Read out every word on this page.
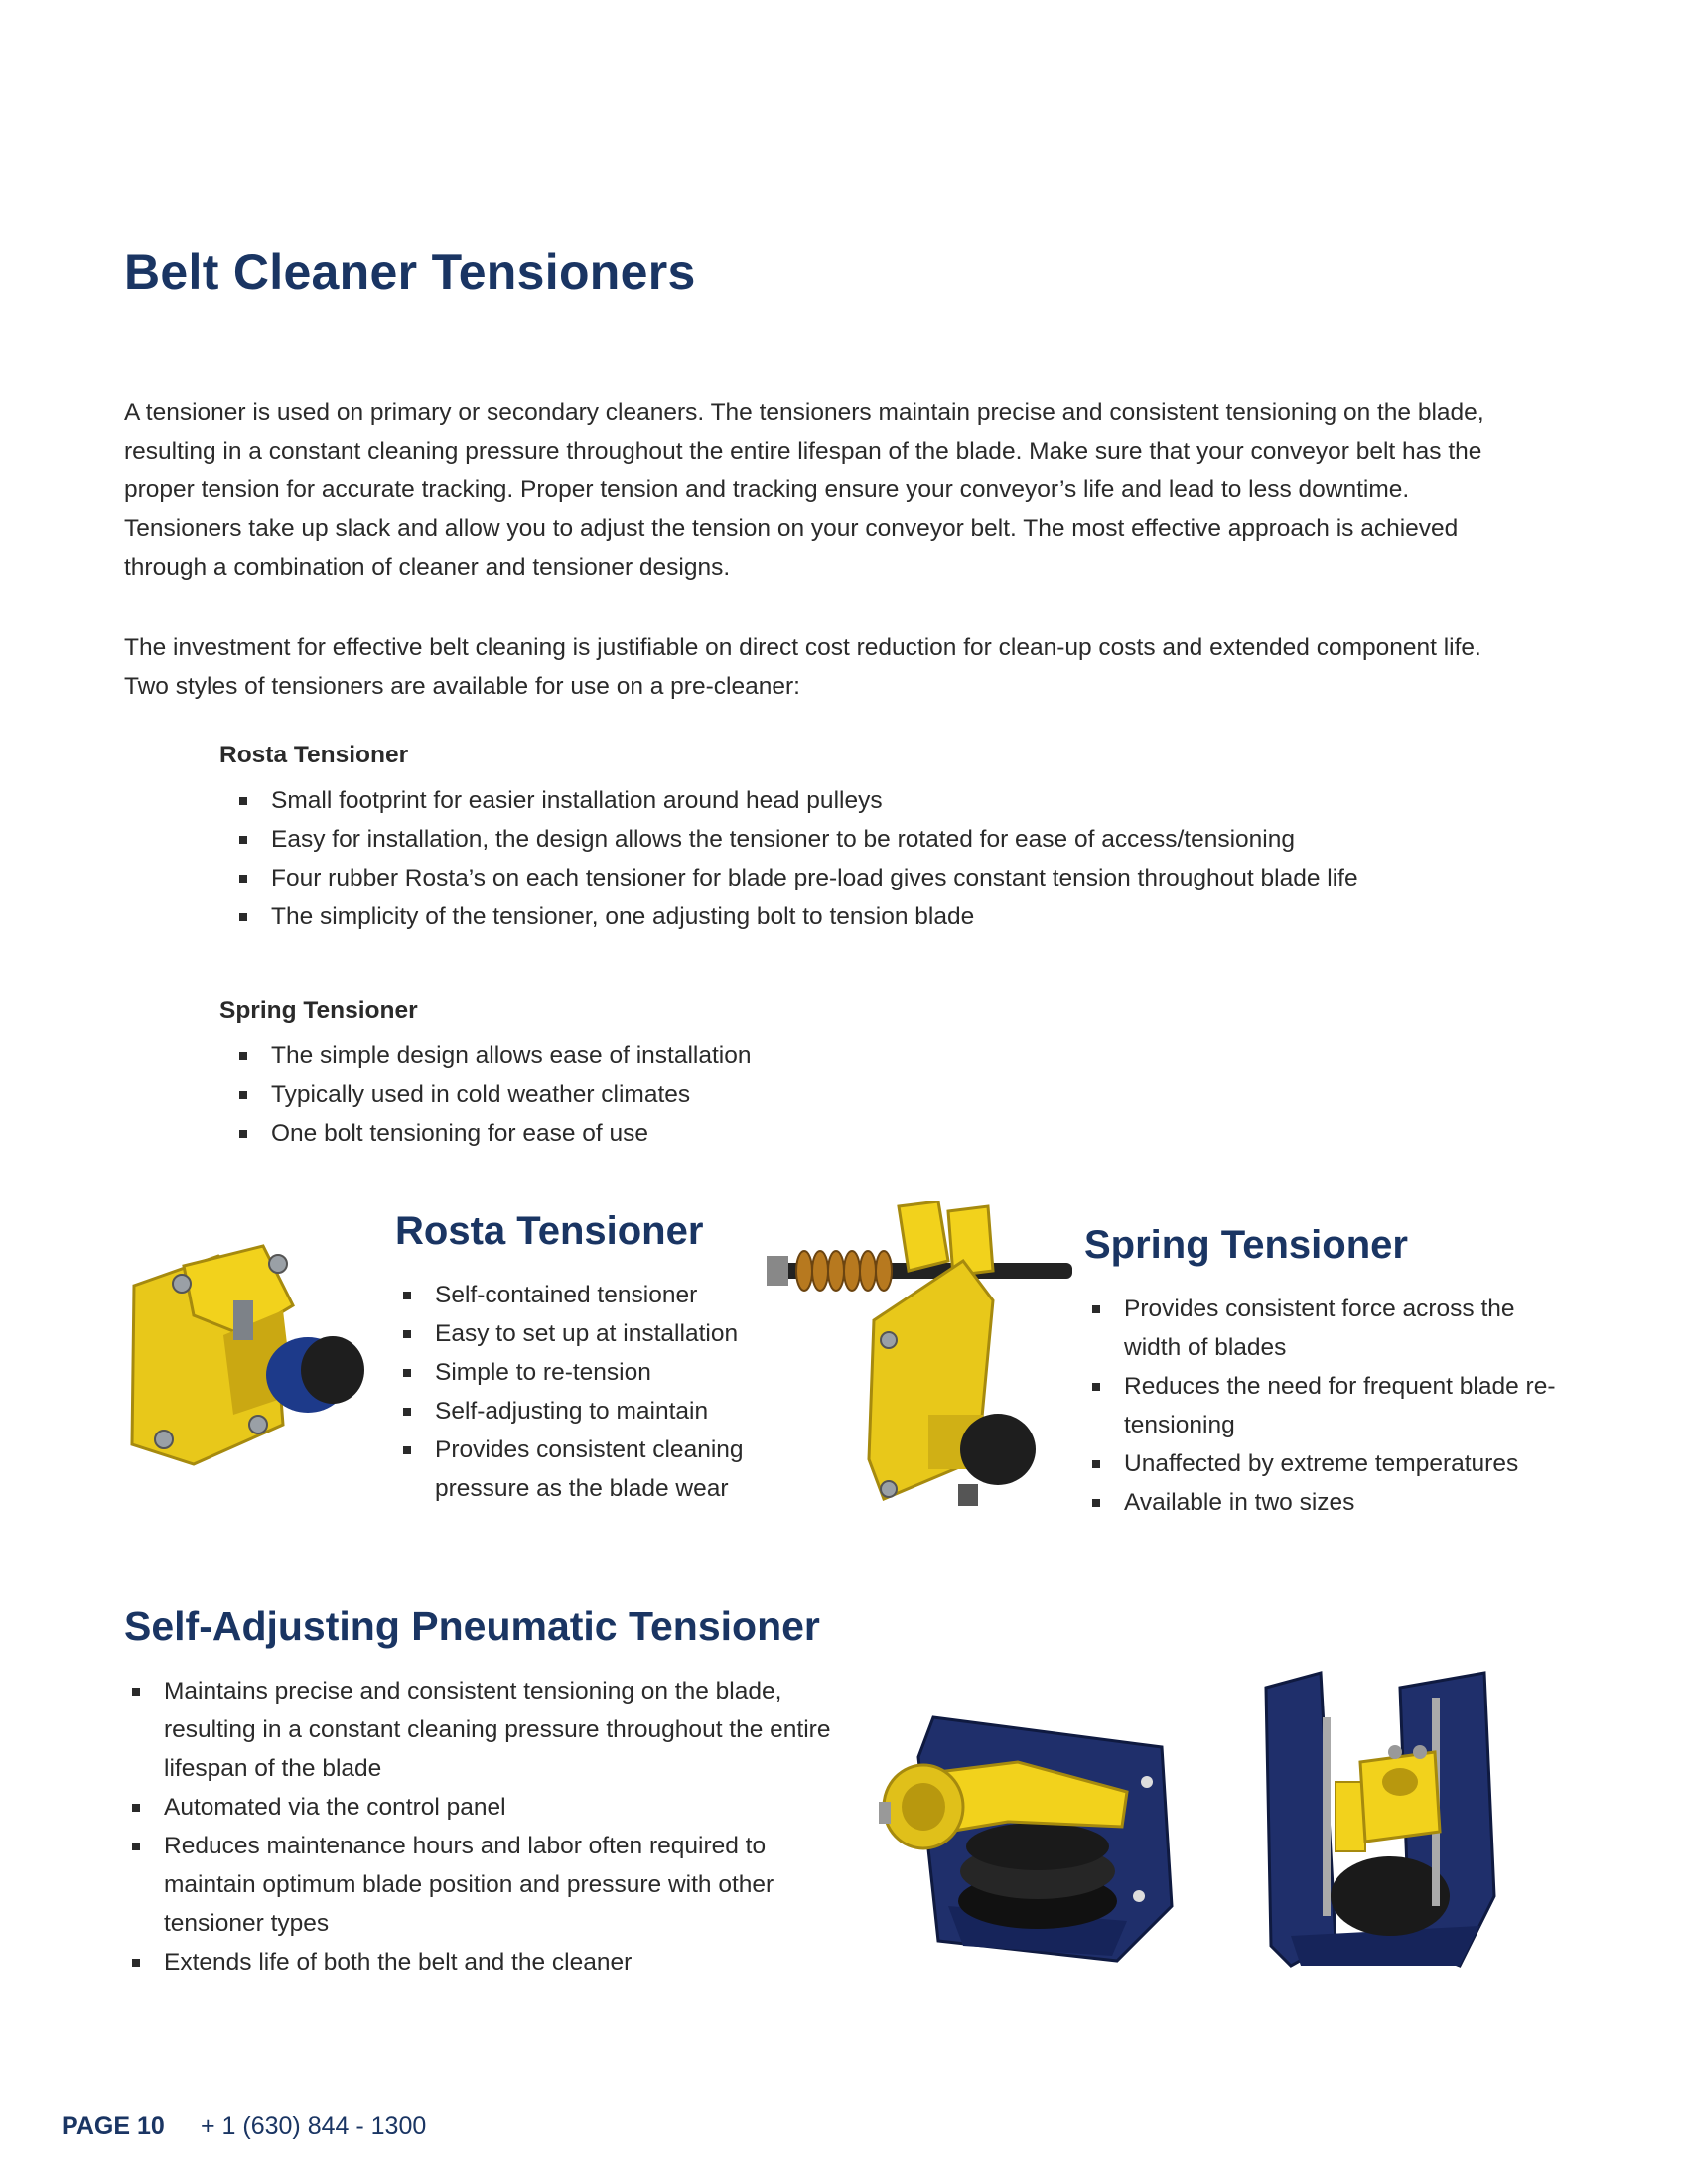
Belt Cleaner Tensioners

A tensioner is used on primary or secondary cleaners. The tensioners maintain precise and consistent tensioning on the blade, resulting in a constant cleaning pressure throughout the entire lifespan of the blade. Make sure that your conveyor belt has the proper tension for accurate tracking. Proper tension and tracking ensure your conveyor’s life and lead to less downtime. Tensioners take up slack and allow you to adjust the tension on your conveyor belt. The most effective approach is achieved through a combination of cleaner and tensioner designs.

The investment for effective belt cleaning is justifiable on direct cost reduction for clean-up costs and extended component life. Two styles of tensioners are available for use on a pre-cleaner:

Rosta Tensioner
Small footprint for easier installation around head pulleys
Easy for installation, the design allows the tensioner to be rotated for ease of access/tensioning
Four rubber Rosta’s on each tensioner for blade pre-load gives constant tension throughout blade life
The simplicity of the tensioner, one adjusting bolt to tension blade
Spring Tensioner
The simple design allows ease of installation
Typically used in cold weather climates
One bolt tensioning for ease of use
Rosta Tensioner
Self-contained tensioner
Easy to set up at installation
Simple to re-tension
Self-adjusting to maintain
Provides consistent cleaning pressure as the blade wear
Spring Tensioner
Provides consistent force across the width of blades
Reduces the need for frequent blade re-tensioning
Unaffected by extreme temperatures
Available in two sizes
Self-Adjusting Pneumatic Tensioner
Maintains precise and consistent tensioning on the blade, resulting in a constant cleaning pressure throughout the entire lifespan of the blade
Automated via the control panel
Reduces maintenance hours and labor often required to maintain optimum blade position and pressure with other tensioner types
Extends life of both the belt and the cleaner
PAGE 10 + 1 (630) 844 - 1300
